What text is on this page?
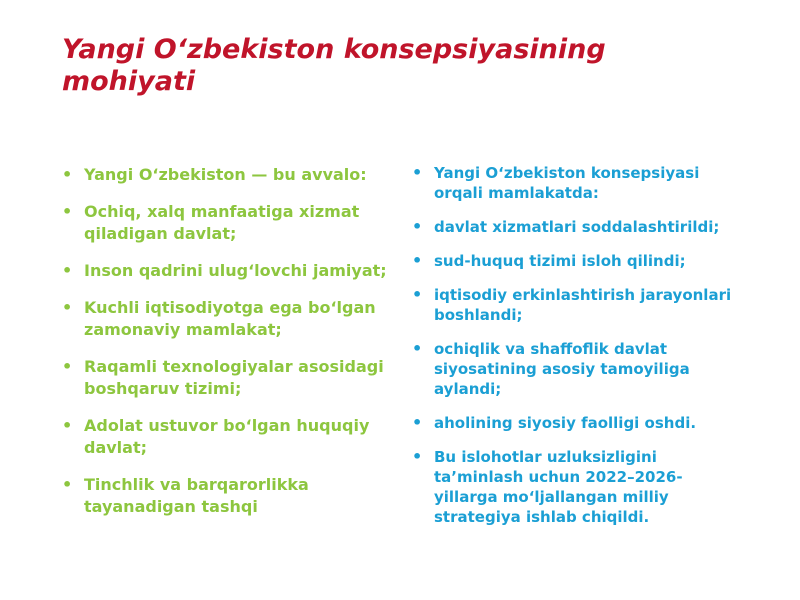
Yangi O‘zbekiston konsepsiyasining mohiyati
• Yangi O‘zbekiston — bu avvalo:
• Ochiq, xalq manfaatiga xizmat qiladigan davlat;
• Inson qadrini ulug‘lovchi jamiyat;
• Kuchli iqtisodiyotga ega bo‘lgan zamonaviy mamlakat;
• Raqamli texnologiyalar asosidagi boshqaruv tizimi;
• Adolat ustuvor bo‘lgan huquqiy davlat;
• Tinchlik va barqarorlikka tayanadigan tashqi
• Yangi O‘zbekiston konsepsiyasi orqali mamlakatda:
• davlat xizmatlari soddalashtirildi;
• sud-huquq tizimi isloh qilindi;
• iqtisodiy erkinlashtirish jarayonlari boshlandi;
• ochiqlik va shaffoflik davlat siyosatining asosiy tamoyiliga aylandi;
• aholining siyosiy faolligi oshdi.
• Bu islohotlar uzluksizligini ta’minlash uchun 2022–2026-yillarga mo‘ljallangan milliy strategiya ishlab chiqildi.
